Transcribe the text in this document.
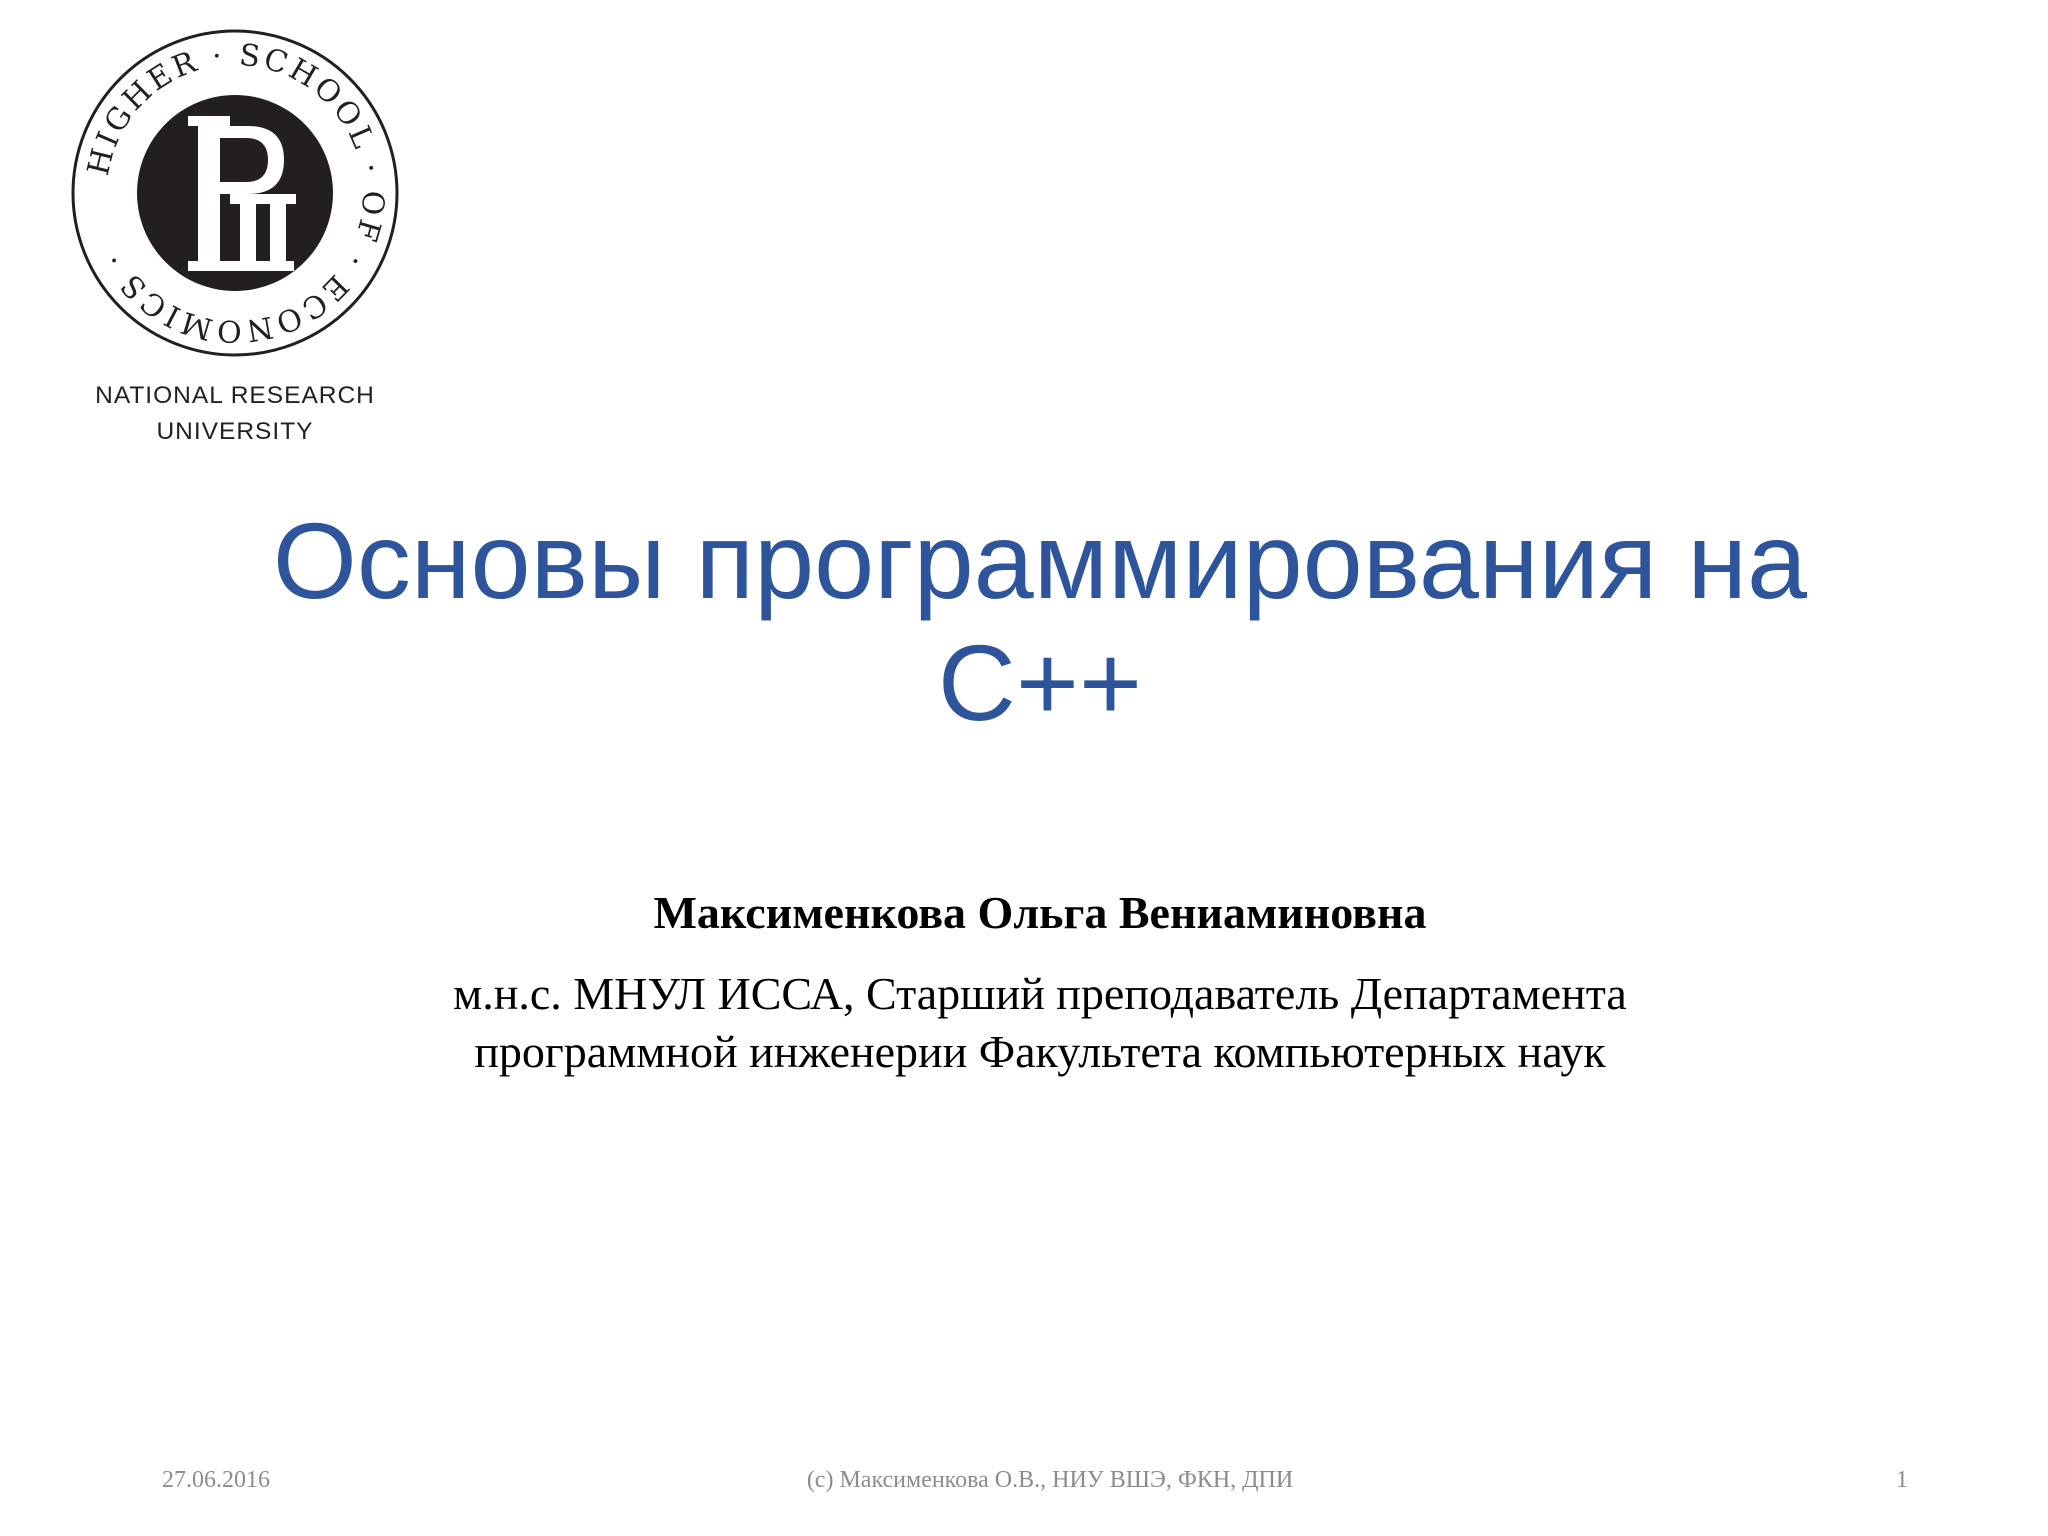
HIGHER · SCHOOL · OF · ECONOMICS ·
NATIONAL RESEARCH
UNIVERSITY
Основы программирования на
С++
Максименкова Ольга Вениаминовна
м.н.с. МНУЛ ИССА, Старший преподаватель Департамента
программной инженерии Факультета компьютерных наук
27.06.2016	(с) Максименкова О.В., НИУ ВШЭ, ФКН, ДПИ	1
